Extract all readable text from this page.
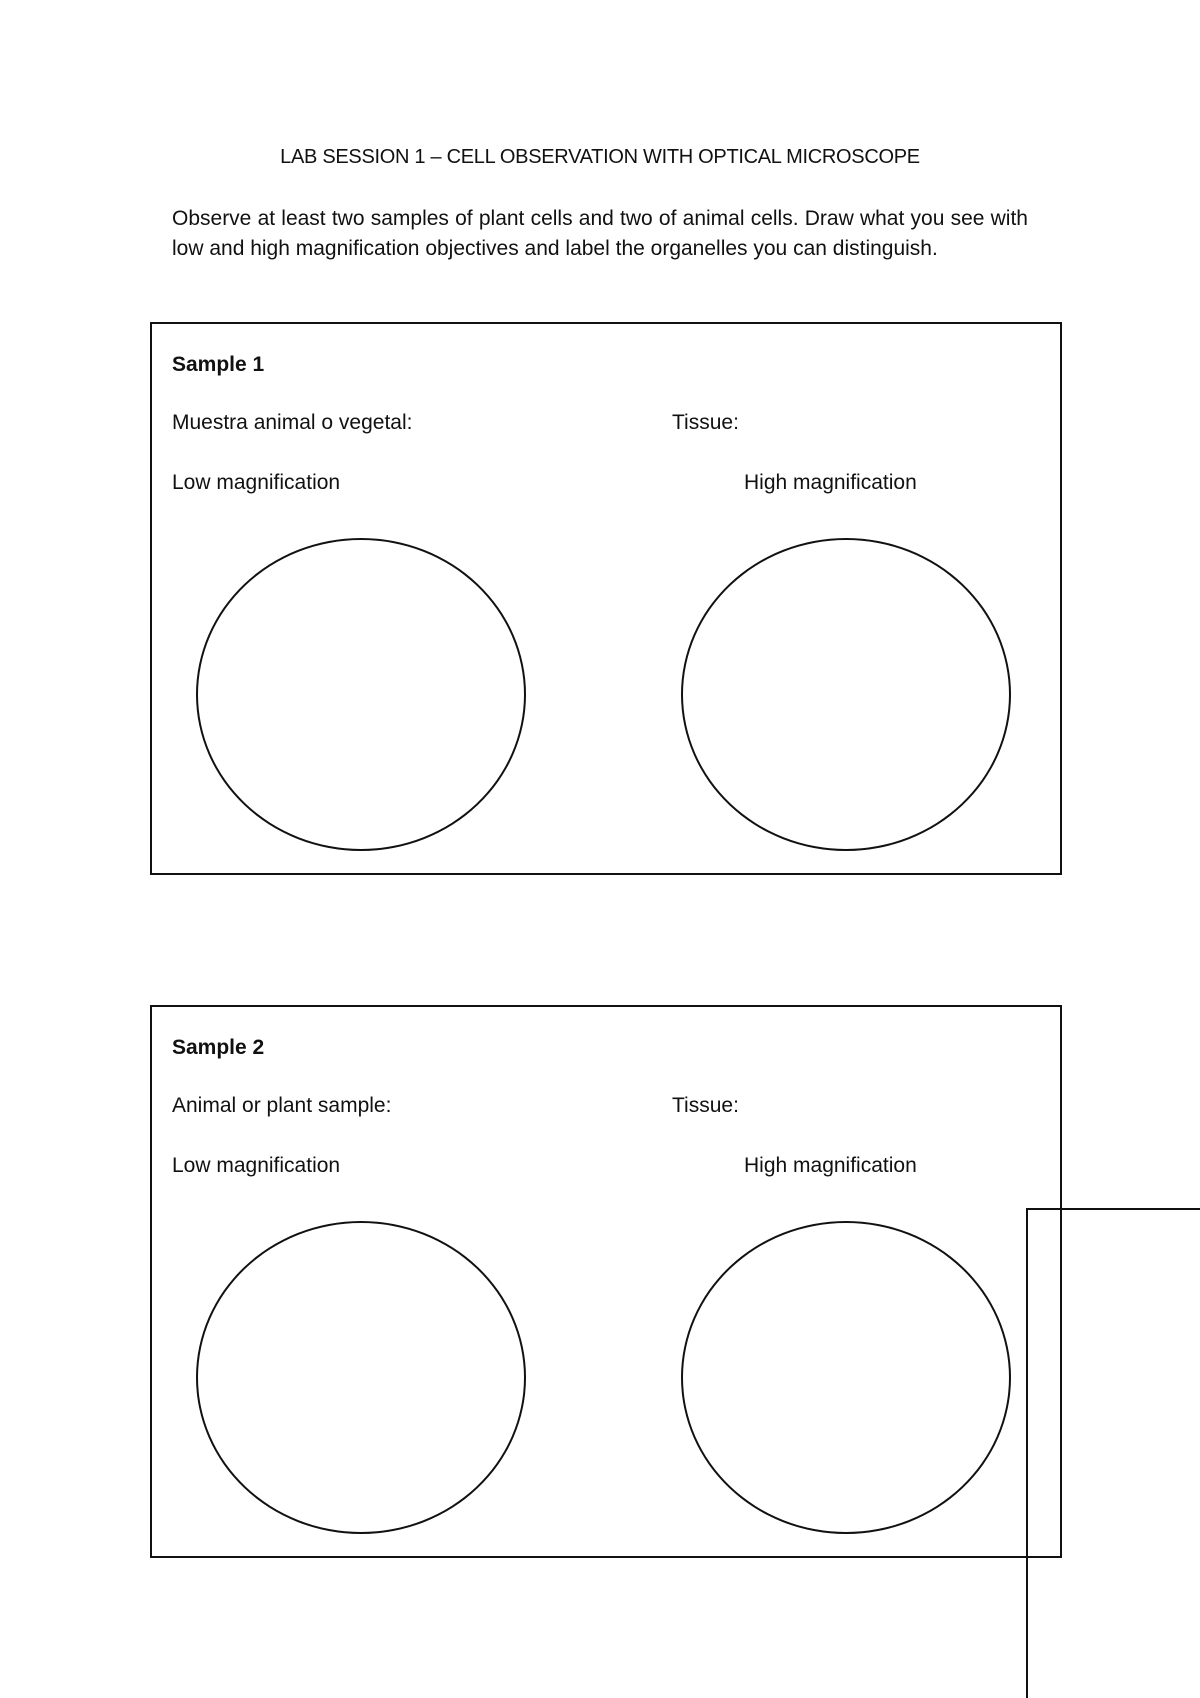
LAB SESSION 1 – CELL OBSERVATION WITH OPTICAL MICROSCOPE
Observe at least two samples of plant cells and two of animal cells. Draw what you see with low and high magnification objectives and label the organelles you can distinguish.
Sample 1
Muestra animal o vegetal:	Tissue:
Low magnification	High magnification
Sample 2
Animal or plant sample:	Tissue:
Low magnification	High magnification
